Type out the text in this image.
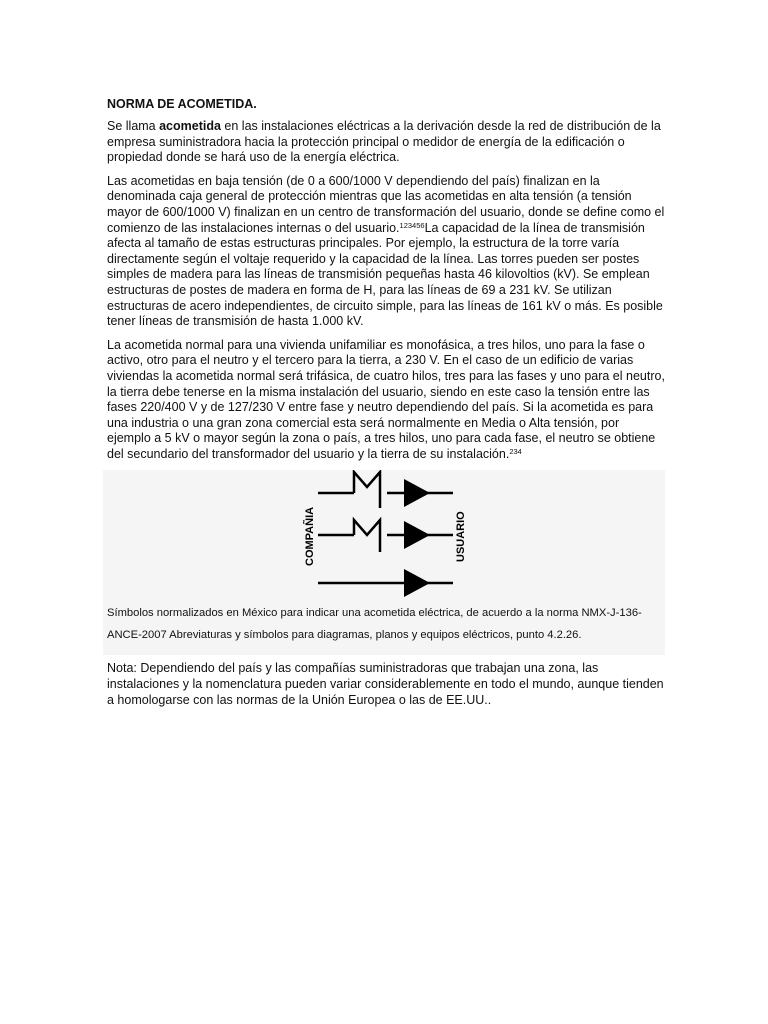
NORMA DE ACOMETIDA.

Se llama acometida en las instalaciones eléctricas a la derivación desde la red de distribución de la empresa suministradora hacia la protección principal o medidor de energía de la edificación o propiedad donde se hará uso de la energía eléctrica.

Las acometidas en baja tensión (de 0 a 600/1000 V dependiendo del país) finalizan en la denominada caja general de protección mientras que las acometidas en alta tensión (a tensión mayor de 600/1000 V) finalizan en un centro de transformación del usuario, donde se define como el comienzo de las instalaciones internas o del usuario.$^{123456}$La capacidad de la línea de transmisión afecta al tamaño de estas estructuras principales. Por ejemplo, la estructura de la torre varía directamente según el voltaje requerido y la capacidad de la línea. Las torres pueden ser postes simples de madera para las líneas de transmisión pequeñas hasta 46 kilovoltios (kV). Se emplean estructuras de postes de madera en forma de H, para las líneas de 69 a 231 kV. Se utilizan estructuras de acero independientes, de circuito simple, para las líneas de 161 kV o más. Es posible tener líneas de transmisión de hasta 1.000 kV.

La acometida normal para una vivienda unifamiliar es monofásica, a tres hilos, uno para la fase o activo, otro para el neutro y el tercero para la tierra, a 230 V. En el caso de un edificio de varias viviendas la acometida normal será trifásica, de cuatro hilos, tres para las fases y uno para el neutro, la tierra debe tenerse en la misma instalación del usuario, siendo en este caso la tensión entre las fases 220/400 V y de 127/230 V entre fase y neutro dependiendo del país. Si la acometida es para una industria o una gran zona comercial esta será normalmente en Media o Alta tensión, por ejemplo a 5 kV o mayor según la zona o país, a tres hilos, uno para cada fase, el neutro se obtiene del secundario del transformador del usuario y la tierra de su instalación.$^{234}$

COMPAÑIA	USUARIO
Símbolos normalizados en México para indicar una acometida eléctrica, de acuerdo a la norma NMX-J-136-ANCE-2007 Abreviaturas y símbolos para diagramas, planos y equipos eléctricos, punto 4.2.26.

Nota: Dependiendo del país y las compañías suministradoras que trabajan una zona, las instalaciones y la nomenclatura pueden variar considerablemente en todo el mundo, aunque tienden a homologarse con las normas de la Unión Europea o las de EE.UU..
